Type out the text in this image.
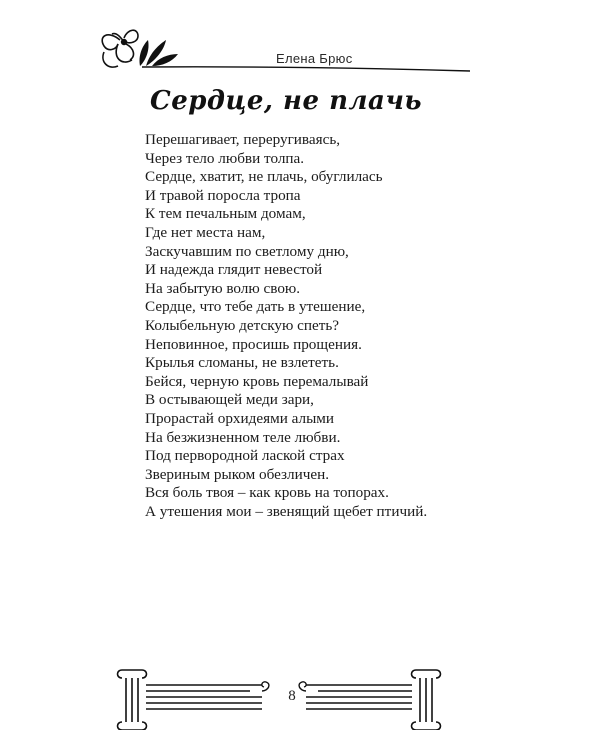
Елена Брюс
Сердце, не плачь
Перешагивает, переругиваясь,
Через тело любви толпа.
Сердце, хватит, не плачь, обуглилась
И травой поросла тропа
К тем печальным домам,
Где нет места нам,
Заскучавшим по светлому дню,
И надежда глядит невестой
На забытую волю свою.
Сердце, что тебе дать в утешение,
Колыбельную детскую спеть?
Неповинное, просишь прощения.
Крылья сломаны, не взлететь.
Бейся, черную кровь перемалывай
В остывающей меди зари,
Прорастай орхидеями алыми
На безжизненном теле любви.
Под первородной лаской страх
Звериным рыком обезличен.
Вся боль твоя – как кровь на топорах.
А утешения мои – звенящий щебет птичий.
8
